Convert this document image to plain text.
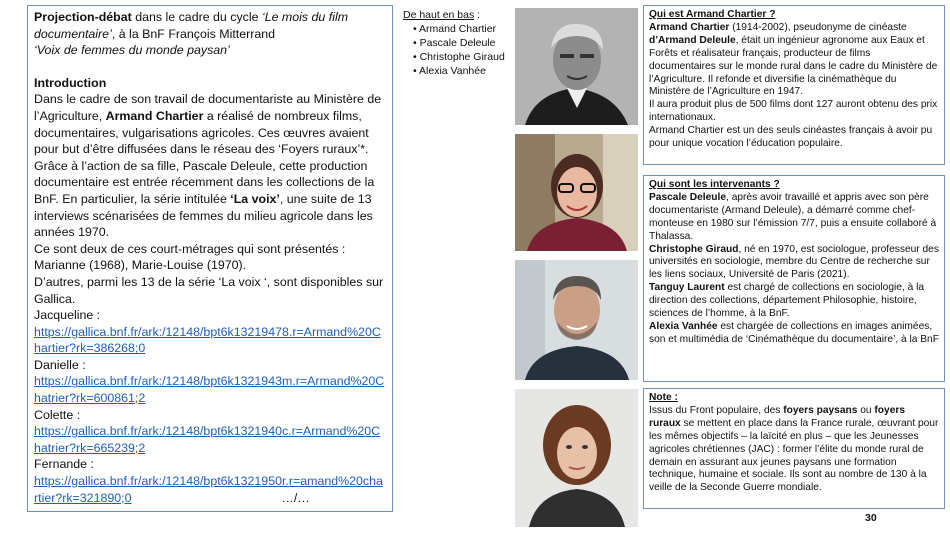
Projection-débat dans le cadre du cycle ‘Le mois du film documentaire’, à la BnF François Mitterrand
‘Voix de femmes du monde paysan’

Introduction

Dans le cadre de son travail de documentariste au Ministère de l’Agriculture, Armand Chartier a réalisé de nombreux films, documentaires, vulgarisations agricoles. Ces œuvres avaient pour but d’être diffusées dans le réseau des ‘Foyers ruraux’*. Grâce à l’action de sa fille, Pascale Deleule, cette production documentaire est entrée récemment dans les collections de la BnF. En particulier, la série intitulée ‘La voix’, une suite de 13 interviews scénarisées de femmes du milieu agricole dans les années 1970.

Ce sont deux de ces court-métrages qui sont présentés : Marianne (1968), Marie-Louise (1970).

D’autres, parmi les 13 de la série ‘La voix ‘, sont disponibles sur Gallica.

Jacqueline :

https://gallica.bnf.fr/ark:/12148/bpt6k13219478.r=Armand%20Chartier?rk=386268;0

Danielle :

https://gallica.bnf.fr/ark:/12148/bpt6k1321943m.r=Armand%20Chatrier?rk=600861;2

Colette :

https://gallica.bnf.fr/ark:/12148/bpt6k1321940c.r=Armand%20Chatrier?rk=665239;2

Fernande :

https://gallica.bnf.fr/ark:/12148/bpt6k1321950r.r=amand%20chartier?rk=321890;0	…/…

De haut en bas :
• Armand Chartier
• Pascale Deleule
• Christophe Giraud
• Alexia Vanhée

Qui est Armand Chartier ?

Armand Chartier (1914-2002), pseudonyme de cinéaste d’Armand Deleule, était un ingénieur agronome aux Eaux et Forêts et réalisateur français, producteur de films documentaires sur le monde rural dans le cadre du Ministère de l’Agriculture. Il refonde et diversifie la cinémathèque du Ministère de l’Agriculture en 1947.

Il aura produit plus de 500 films dont 127 auront obtenu des prix internationaux.

Armand Chartier est un des seuls cinéastes français à avoir pu pour unique vocation l’éducation populaire.

Qui sont les intervenants ?

Pascale Deleule, après avoir travaillé et appris avec son père documentariste (Armand Deleule), a démarré comme chef-monteuse en 1980 sur l’émission 7/7, puis a ensuite collaboré à Thalassa.

Christophe Giraud, né en 1970, est sociologue, professeur des universités en sociologie, membre du Centre de recherche sur les liens sociaux, Université de Paris (2021).

Tanguy Laurent est chargé de collections en sociologie, à la direction des collections, département Philosophie, histoire, sciences de l’homme, à la BnF.

Alexia Vanhée est chargée de collections en images animées, son et multimédia de ‘Cinémathèque du documentaire’, à la BnF

Note :

Issus du Front populaire, des foyers paysans ou foyers ruraux se mettent en place dans la France rurale, œuvrant pour les mêmes objectifs – la laïcité en plus – que les Jeunesses agricoles chrétiennes (JAC) : former l’élite du monde rural de demain en assurant aux jeunes paysans une formation technique, humaine et sociale. Ils sont au nombre de 130 à la veille de la Seconde Guerre mondiale.

30
